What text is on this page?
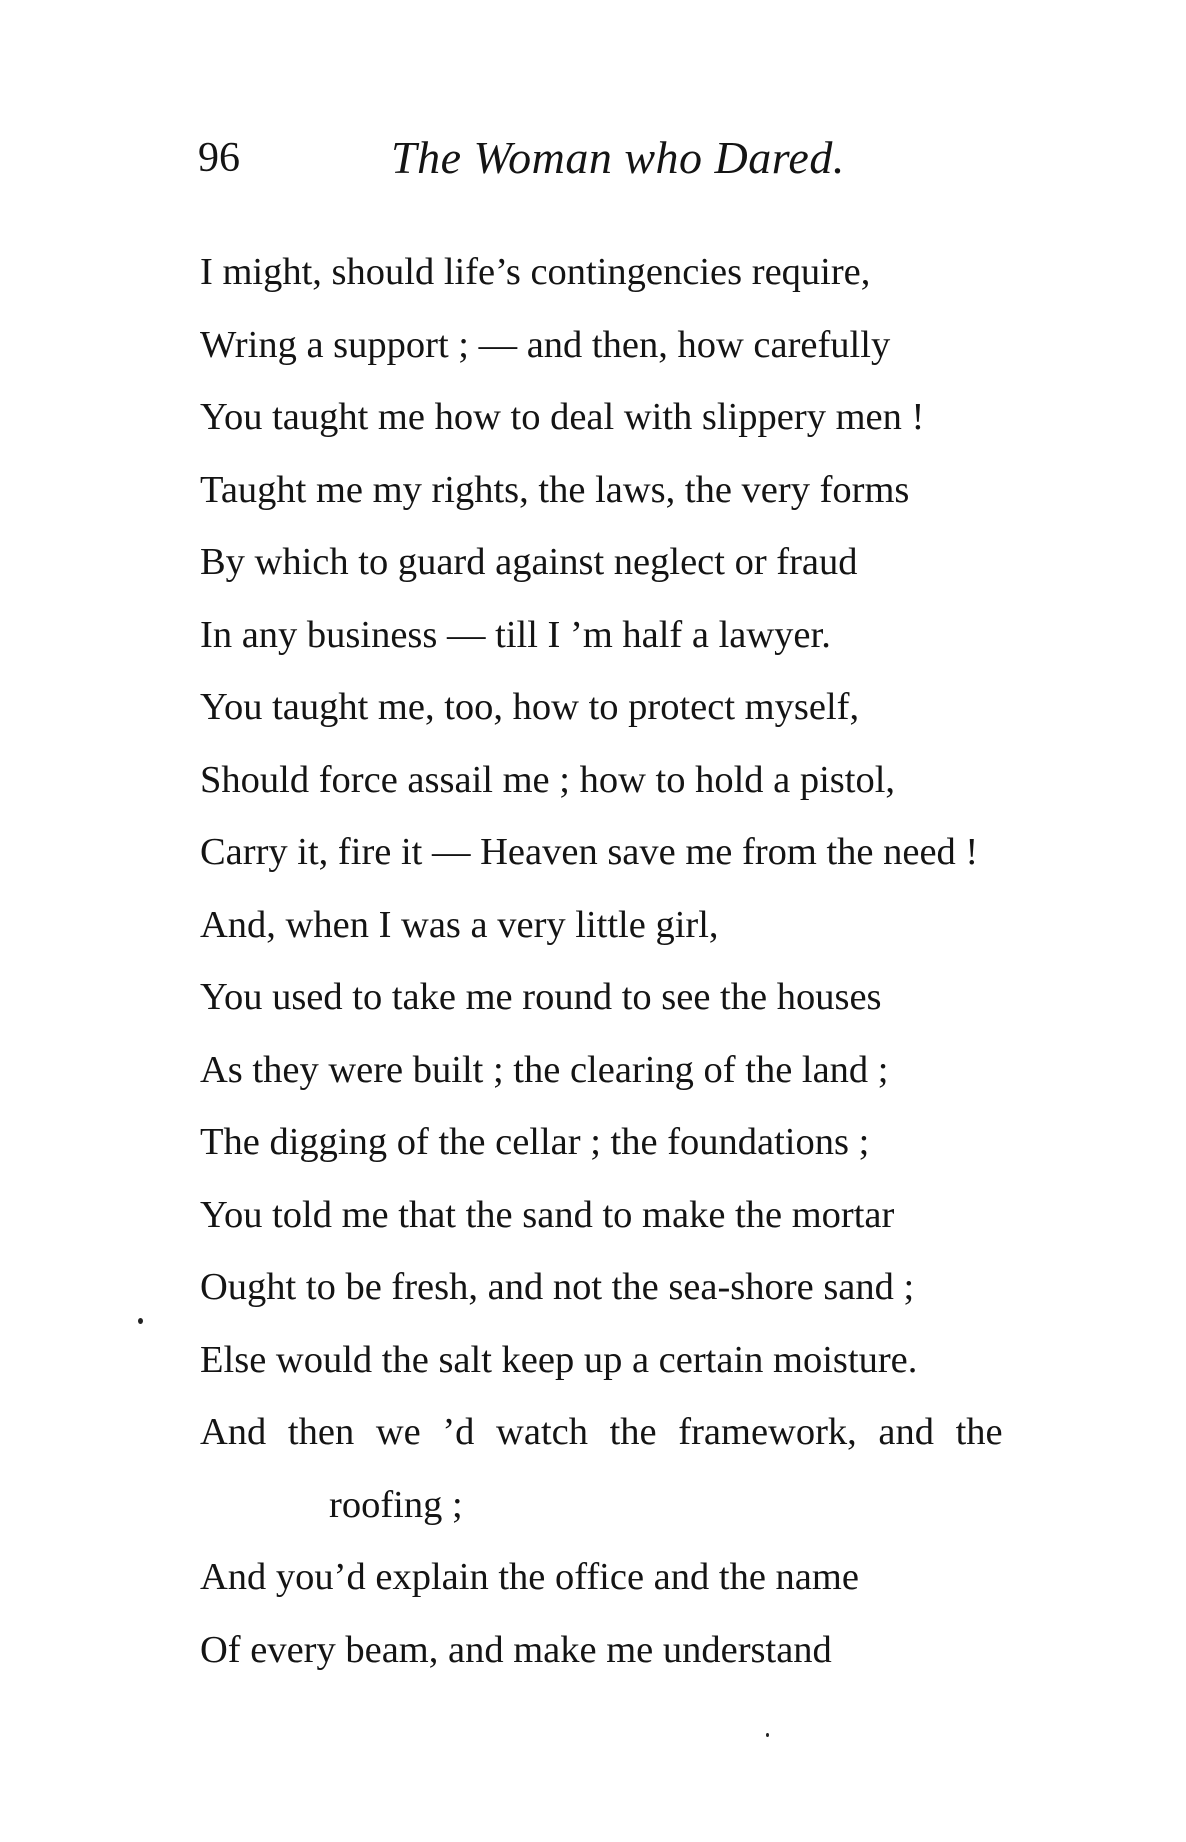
96	The Woman who Dared.
I might, should life’s contingencies require,
Wring a support ; — and then, how carefully
You taught me how to deal with slippery men !
Taught me my rights, the laws, the very forms
By which to guard against neglect or fraud
In any business — till I ’m half a lawyer.
You taught me, too, how to protect myself,
Should force assail me ; how to hold a pistol,
Carry it, fire it — Heaven save me from the need !
And, when I was a very little girl,
You used to take me round to see the houses
As they were built ; the clearing of the land ;
The digging of the cellar ; the foundations ;
You told me that the sand to make the mortar
Ought to be fresh, and not the sea-shore sand ;
Else would the salt keep up a certain moisture.
And then we ’d watch the framework, and the
roofing ;
And you’d explain the office and the name
Of every beam, and make me understand
